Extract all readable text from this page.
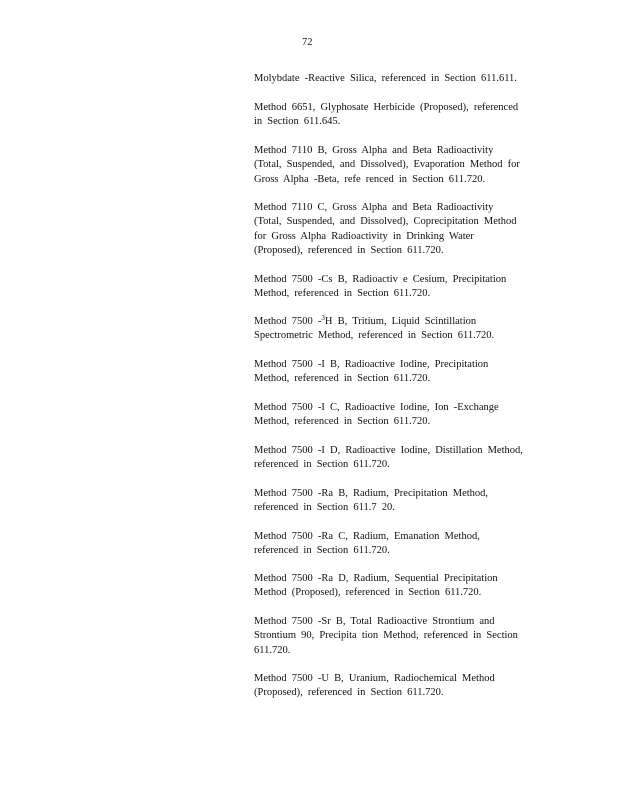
72

Molybdate -Reactive Silica, referenced in Section 611.611.

Method 6651, Glyphosate Herbicide (Proposed), referenced
in Section 611.645.

Method 7110 B, Gross Alpha and Beta Radioactivity
(Total, Suspended, and Dissolved), Evaporation Method for
Gross Alpha -Beta, refe renced in Section 611.720.

Method 7110 C, Gross Alpha and Beta Radioactivity
(Total, Suspended, and Dissolved), Coprecipitation Method
for Gross Alpha Radioactivity in Drinking Water
(Proposed), referenced in Section 611.720.

Method 7500 -Cs B, Radioactiv e Cesium, Precipitation
Method, referenced in Section 611.720.

Method 7500 -$^3$H B, Tritium, Liquid Scintillation
Spectrometric Method, referenced in Section 611.720.

Method 7500 -I B, Radioactive Iodine, Precipitation
Method, referenced in Section 611.720.

Method 7500 -I C, Radioactive Iodine, Ion -Exchange
Method, referenced in Section 611.720.

Method 7500 -I D, Radioactive Iodine, Distillation Method,
referenced in Section 611.720.

Method 7500 -Ra B, Radium, Precipitation Method,
referenced in Section 611.7 20.

Method 7500 -Ra C, Radium, Emanation Method,
referenced in Section 611.720.

Method 7500 -Ra D, Radium, Sequential Precipitation
Method (Proposed), referenced in Section 611.720.

Method 7500 -Sr B, Total Radioactive Strontium and
Strontium 90, Precipita tion Method, referenced in Section
611.720.

Method 7500 -U B, Uranium, Radiochemical Method
(Proposed), referenced in Section 611.720.
